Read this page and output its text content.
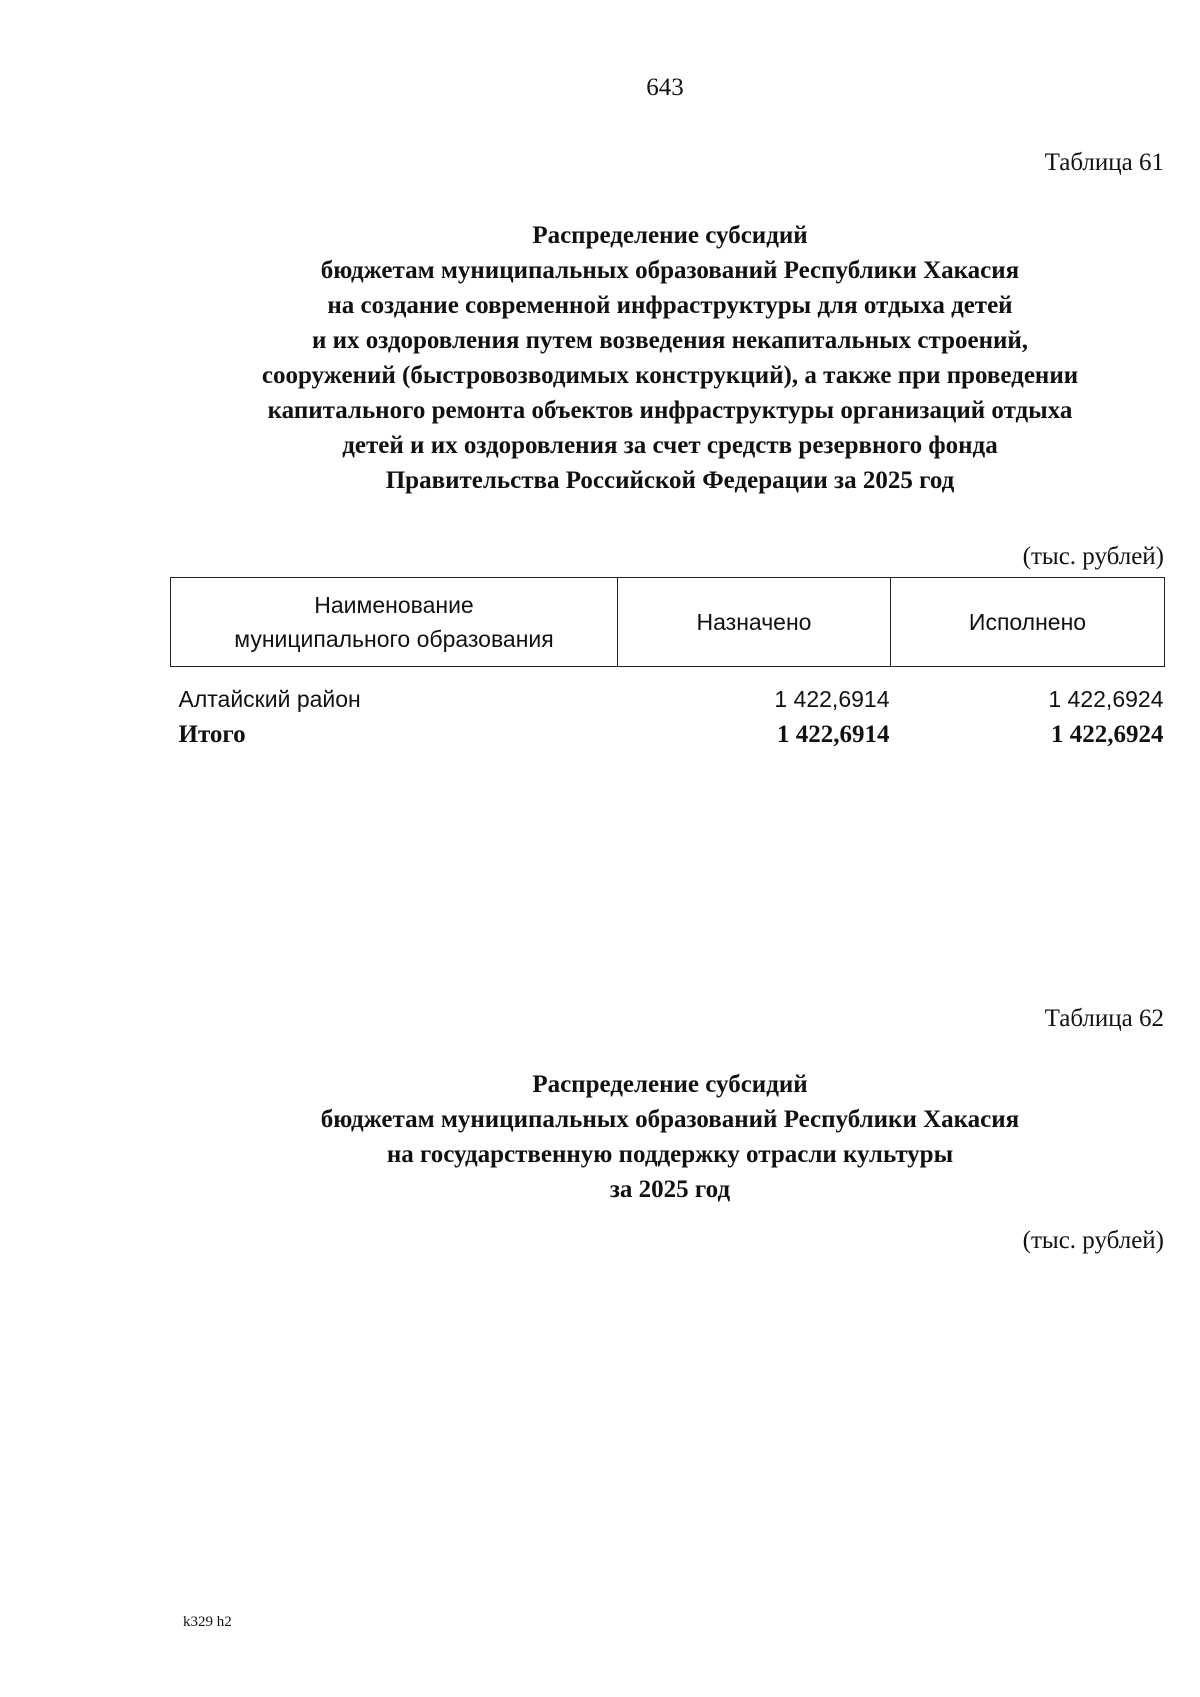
643
Таблица 61
Распределение субсидий
бюджетам муниципальных образований Республики Хакасия
на создание современной инфраструктуры для отдыха детей
и их оздоровления путем возведения некапитальных строений,
сооружений (быстровозводимых конструкций), а также при проведении
капитального ремонта объектов инфраструктуры организаций отдыха
детей и их оздоровления за счет средств резервного фонда
Правительства Российской Федерации за 2025 год
(тыс. рублей)
Наименование
муниципального образования	Назначено	Исполнено

Алтайский район	1 422,6914	1 422,6924
Итого	1 422,6914	1 422,6924
Таблица 62
Распределение субсидий
бюджетам муниципальных образований Республики Хакасия
на государственную поддержку отрасли культуры
за 2025 год
(тыс. рублей)
k329 h2
